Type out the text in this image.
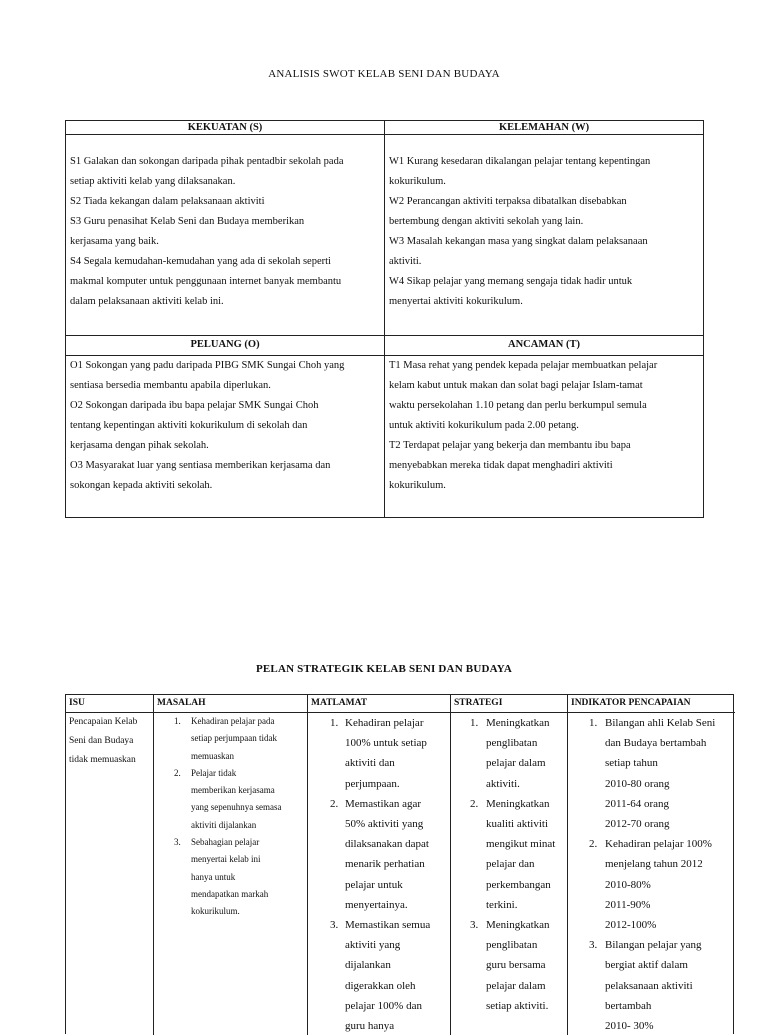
ANALISIS SWOT KELAB SENI DAN BUDAYA
KEKUATAN (S)	KELEMAHAN (W)

S1 Galakan dan sokongan daripada pihak pentadbir sekolah pada

setiap aktiviti kelab yang dilaksanakan.

S2 Tiada kekangan dalam pelaksanaan aktiviti

S3 Guru penasihat Kelab Seni dan Budaya memberikan

kerjasama yang baik.

S4 Segala kemudahan-kemudahan yang ada di sekolah seperti

makmal komputer untuk penggunaan internet banyak membantu

dalam pelaksanaan aktiviti kelab ini.

W1 Kurang kesedaran dikalangan pelajar tentang kepentingan

kokurikulum.

W2 Perancangan aktiviti terpaksa dibatalkan disebabkan

bertembung dengan aktiviti sekolah yang lain.

W3 Masalah kekangan masa yang singkat dalam pelaksanaan

aktiviti.

W4 Sikap pelajar yang memang sengaja tidak hadir untuk

menyertai aktiviti kokurikulum.

PELUANG (O)	ANCAMAN (T)

O1 Sokongan yang padu daripada PIBG SMK Sungai Choh yang

sentiasa bersedia membantu apabila diperlukan.

O2 Sokongan daripada ibu bapa pelajar SMK Sungai Choh

tentang kepentingan aktiviti kokurikulum di sekolah dan

kerjasama dengan pihak sekolah.

O3 Masyarakat luar yang sentiasa memberikan kerjasama dan

sokongan kepada aktiviti sekolah.

T1 Masa rehat yang pendek kepada pelajar membuatkan pelajar

kelam kabut untuk makan dan solat bagi pelajar Islam-tamat

waktu persekolahan 1.10 petang dan perlu berkumpul semula

untuk aktiviti kokurikulum pada 2.00 petang.

T2 Terdapat pelajar yang bekerja dan membantu ibu bapa

menyebabkan mereka tidak dapat menghadiri aktiviti

kokurikulum.

PELAN STRATEGIK KELAB SENI DAN BUDAYA
ISU
Pencapaian Kelab
Seni dan Budaya
tidak memuaskan
MASALAH
1. Kehadiran pelajar pada
setiap perjumpaan tidak
memuaskan
2. Pelajar tidak
memberikan kerjasama
yang sepenuhnya semasa
aktiviti dijalankan
3. Sebahagian pelajar
menyertai kelab ini
hanya untuk
mendapatkan markah
kokurikulum.
MATLAMAT
1. Kehadiran pelajar
100% untuk setiap
aktiviti dan
perjumpaan.
2. Memastikan agar
50% aktiviti yang
dilaksanakan dapat
menarik perhatian
pelajar untuk
menyertainya.
3. Memastikan semua
aktiviti yang
dijalankan
digerakkan oleh
pelajar 100% dan
guru hanya
STRATEGI
1. Meningkatkan
penglibatan
pelajar dalam
aktiviti.
2. Meningkatkan
kualiti aktiviti
mengikut minat
pelajar dan
perkembangan
terkini.
3. Meningkatkan
penglibatan
guru bersama
pelajar dalam
setiap aktiviti.
INDIKATOR PENCAPAIAN
1. Bilangan ahli Kelab Seni
dan Budaya bertambah
setiap tahun
2010-80 orang
2011-64 orang
2012-70 orang
2. Kehadiran pelajar 100%
menjelang tahun 2012
2010-80%
2011-90%
2012-100%
3. Bilangan pelajar yang
bergiat aktif dalam
pelaksanaan aktiviti
bertambah
2010- 30%
